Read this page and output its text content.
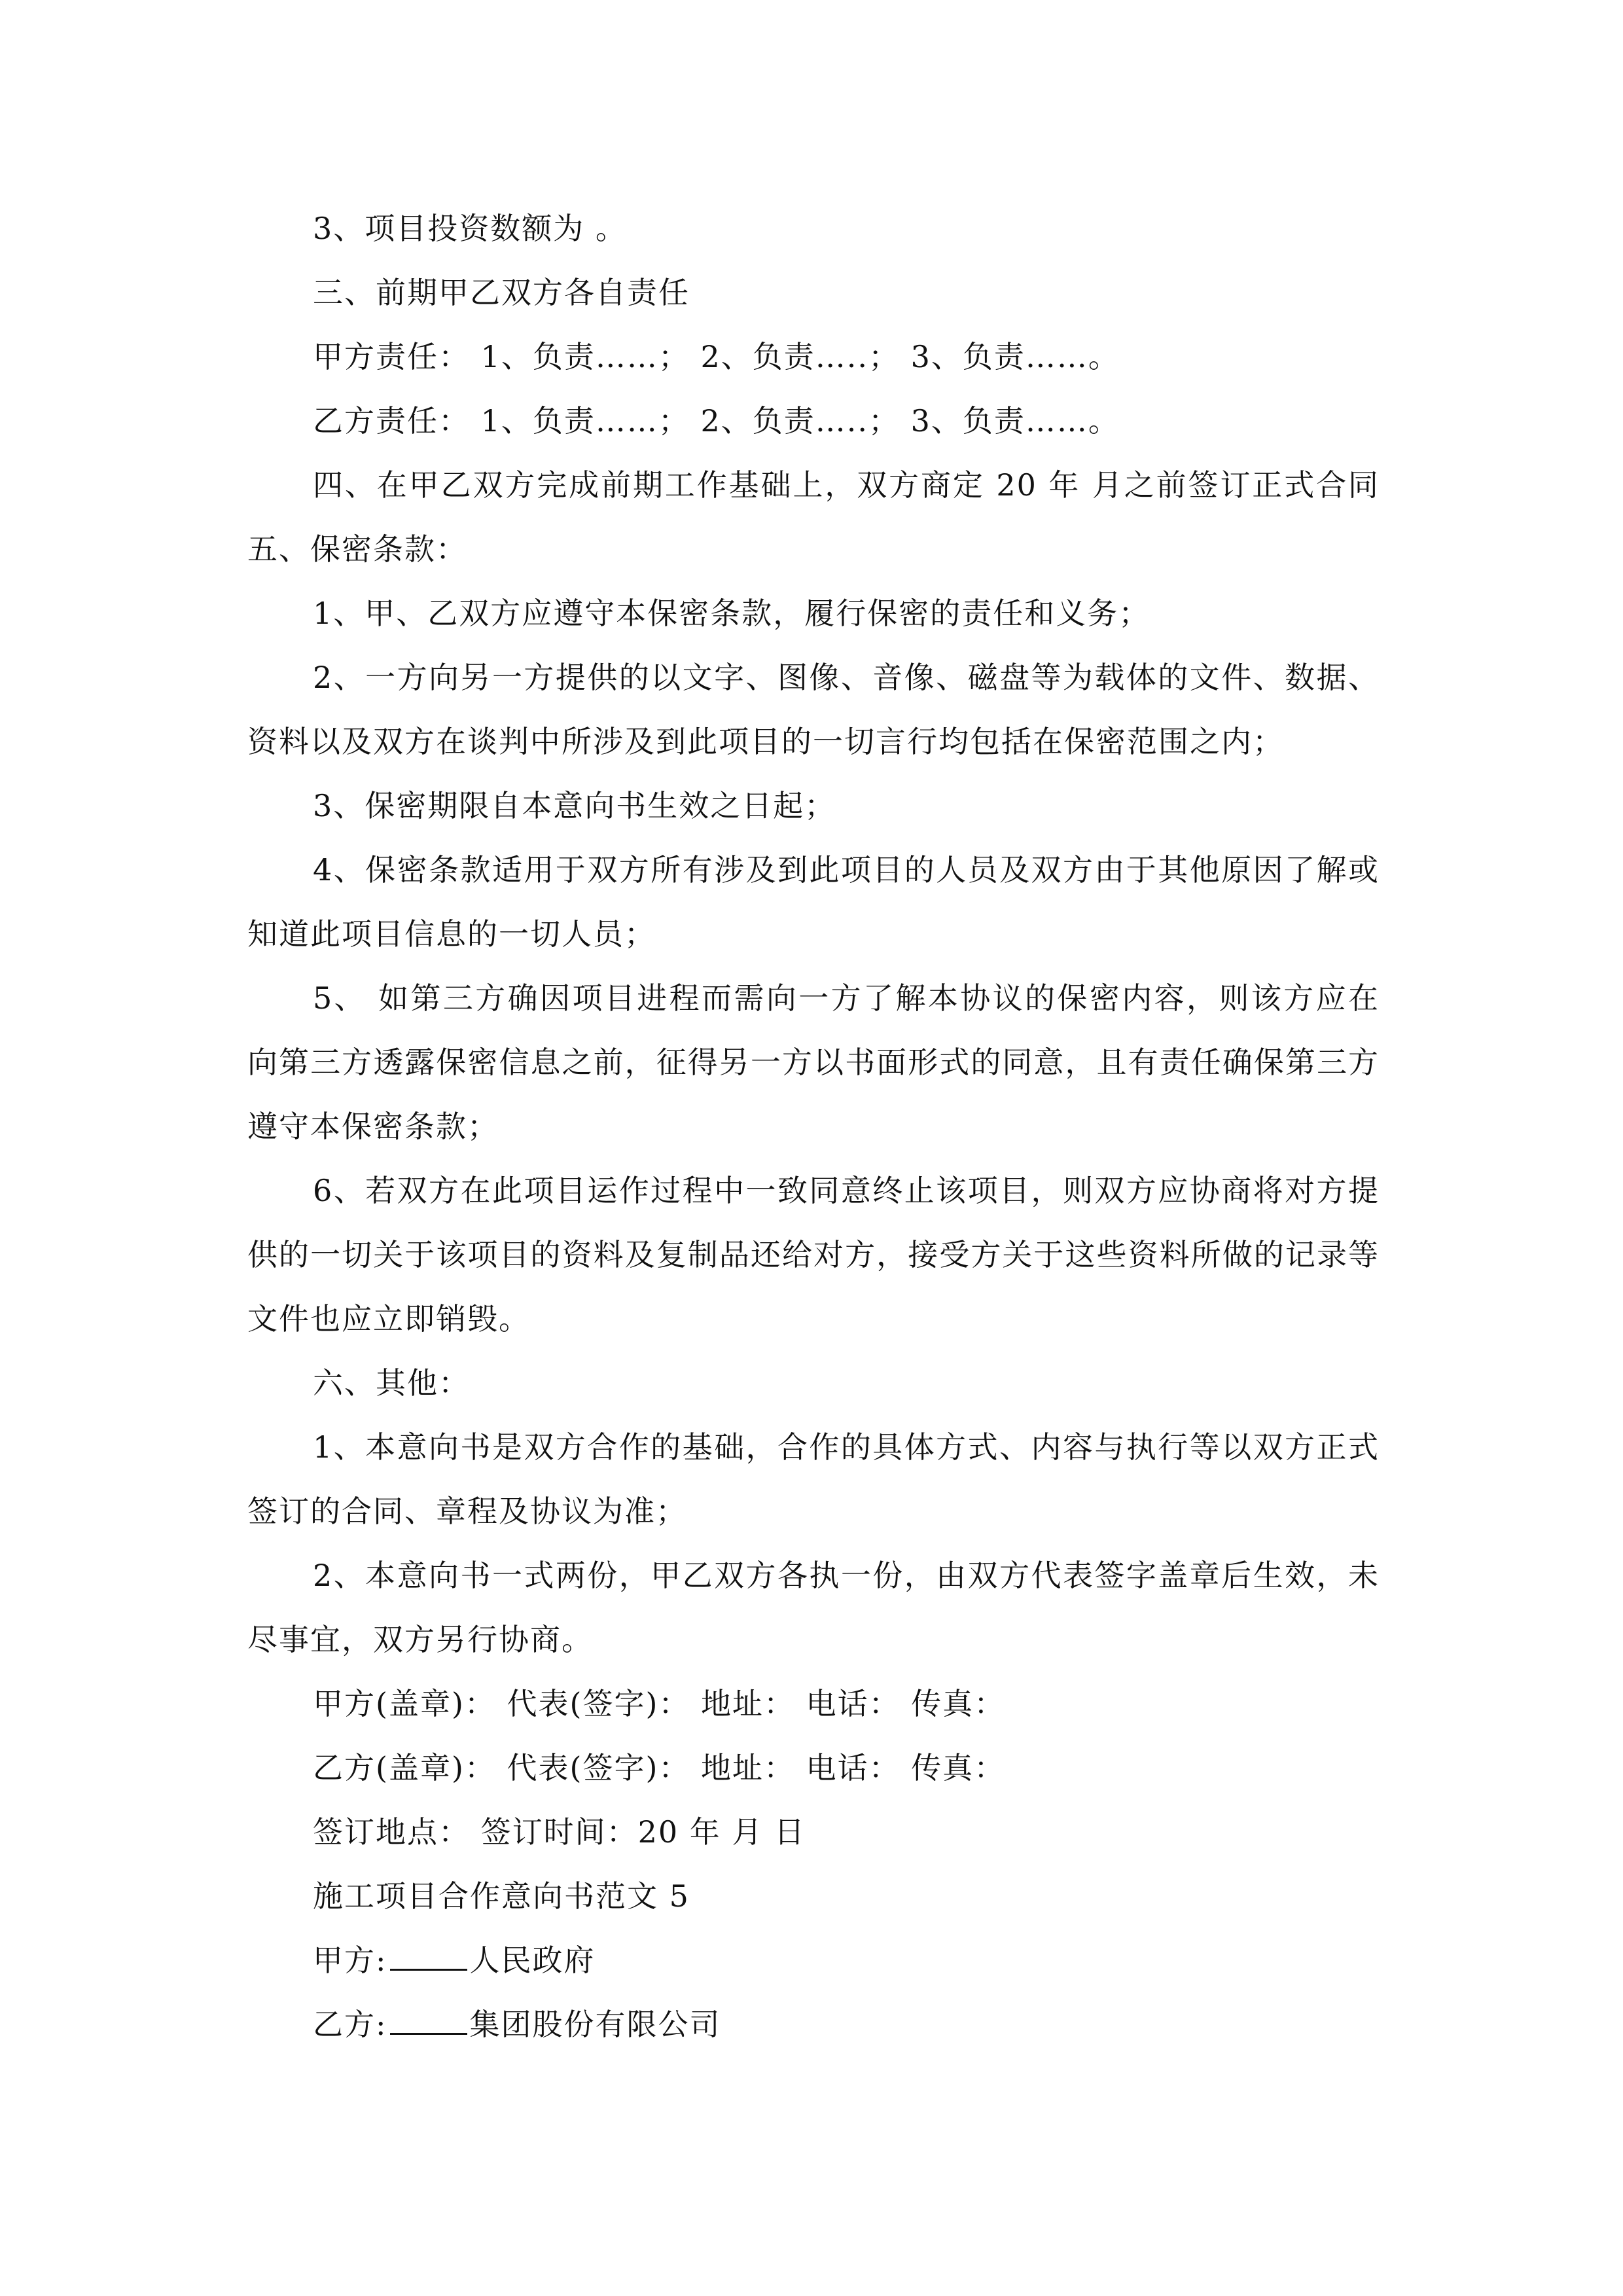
3、项目投资数额为 。

三、前期甲乙双方各自责任

甲方责任： 1、负责……； 2、负责…..； 3、负责……。

乙方责任： 1、负责……； 2、负责…..； 3、负责……。

四、在甲乙双方完成前期工作基础上，双方商定 20 年 月之前签订正式合同 五、保密条款：

1、甲、乙双方应遵守本保密条款，履行保密的责任和义务；

2、一方向另一方提供的以文字、图像、音像、磁盘等为载体的文件、数据、资料以及双方在谈判中所涉及到此项目的一切言行均包括在保密范围之内；

3、保密期限自本意向书生效之日起；

4、保密条款适用于双方所有涉及到此项目的人员及双方由于其他原因了解或知道此项目信息的一切人员；

5、 如第三方确因项目进程而需向一方了解本协议的保密内容，则该方应在向第三方透露保密信息之前，征得另一方以书面形式的同意，且有责任确保第三方遵守本保密条款；

6、若双方在此项目运作过程中一致同意终止该项目，则双方应协商将对方提供的一切关于该项目的资料及复制品还给对方，接受方关于这些资料所做的记录等文件也应立即销毁。

六、其他：

1、本意向书是双方合作的基础，合作的具体方式、内容与执行等以双方正式签订的合同、章程及协议为准；

2、本意向书一式两份，甲乙双方各执一份，由双方代表签字盖章后生效，未尽事宜，双方另行协商。

甲方(盖章)： 代表(签字)： 地址： 电话： 传真：

乙方(盖章)： 代表(签字)： 地址： 电话： 传真：

签订地点： 签订时间：20 年 月 日

施工项目合作意向书范文 5

甲方:	人民政府

乙方:	集团股份有限公司
